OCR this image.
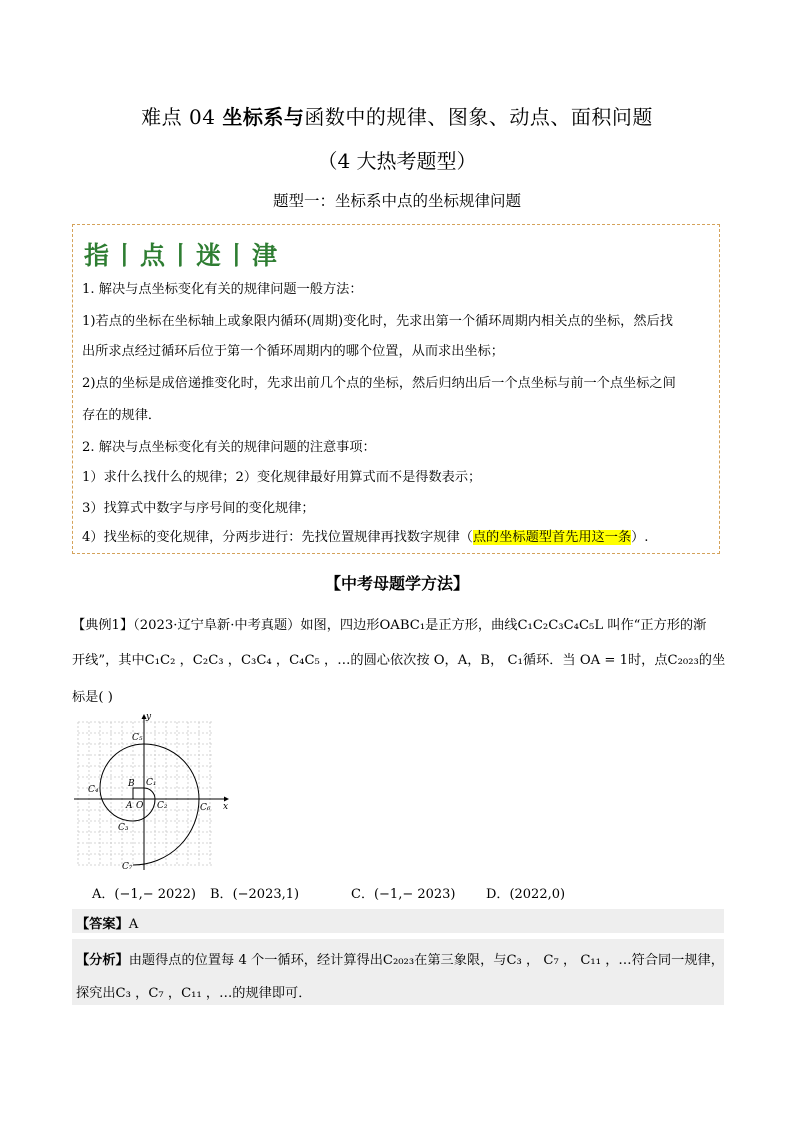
难点 04 坐标系与函数中的规律、图象、动点、面积问题
（4 大热考题型）
题型一：坐标系中点的坐标规律问题
指丨点丨迷丨津
1. 解决与点坐标变化有关的规律问题一般方法：
1)若点的坐标在坐标轴上或象限内循环(周期)变化时，先求出第一个循环周期内相关点的坐标，然后找
出所求点经过循环后位于第一个循环周期内的哪个位置，从而求出坐标；
2)点的坐标是成倍递推变化时，先求出前几个点的坐标，然后归纳出后一个点坐标与前一个点坐标之间
存在的规律．
2. 解决与点坐标变化有关的规律问题的注意事项：
1）求什么找什么的规律；2）变化规律最好用算式而不是得数表示；
3）找算式中数字与序号间的变化规律；
4）找坐标的变化规律，分两步进行：先找位置规律再找数字规律（点的坐标题型首先用这一条）.
【中考母题学方法】
【典例1】（2023·辽宁阜新·中考真题）如图，四边形OABC₁是正方形，曲线C₁C₂C₃C₄C₅L 叫作“正方形的渐
开线”，其中C₁C₂ ，C₂C₃ ，C₃C₄ ，C₄C₅ ，…的圆心依次按 O，A，B， C₁循环．当 OA = 1时，点C₂₀₂₃的坐
标是( )
y
x
O
A
B C₁
C₂
C₃
C₄
C₅
C₆
C₇
A．(−1,− 2022) B．(−2023,1)	C．(−1,− 2023) D．(2022,0)
【答案】A
【分析】由题得点的位置每 4 个一循环，经计算得出C₂₀₂₃在第三象限，与C₃ ， C₇ ， C₁₁ ，…符合同一规律，
探究出C₃ ，C₇ ，C₁₁ ，…的规律即可．
